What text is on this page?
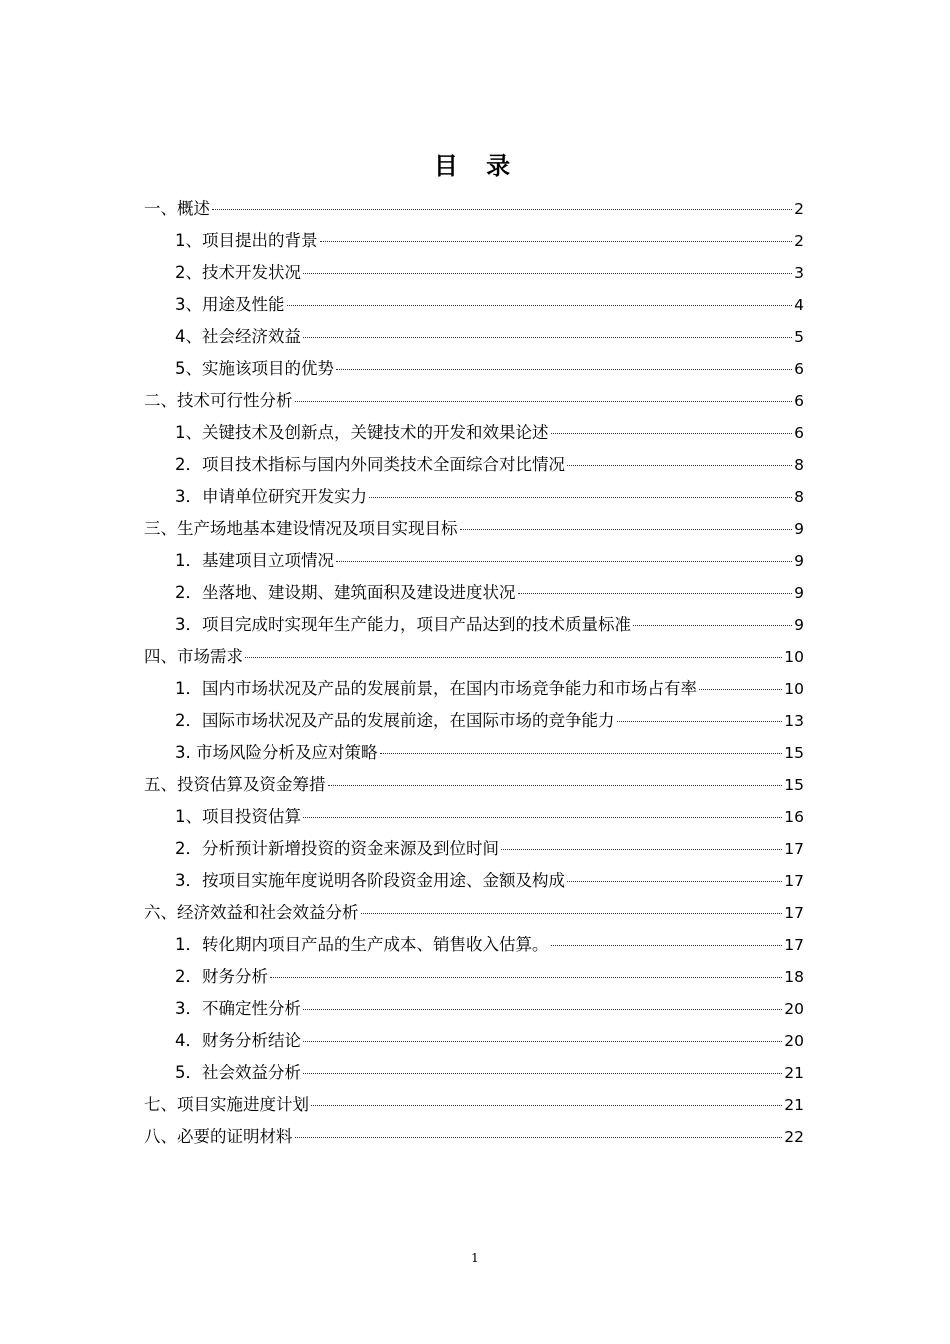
目 录
一、概述	2
1、项目提出的背景	2
2、技术开发状况	3
3、用途及性能	4
4、社会经济效益	5
5、实施该项目的优势	6
二、技术可行性分析	6
1、关键技术及创新点，关键技术的开发和效果论述	6
2．项目技术指标与国内外同类技术全面综合对比情况	8
3．申请单位研究开发实力	8
三、生产场地基本建设情况及项目实现目标	9
1．基建项目立项情况	9
2．坐落地、建设期、建筑面积及建设进度状况	9
3．项目完成时实现年生产能力，项目产品达到的技术质量标准	9
四、市场需求	10
1．国内市场状况及产品的发展前景，在国内市场竞争能力和市场占有率	10
2．国际市场状况及产品的发展前途，在国际市场的竞争能力	13
3. 市场风险分析及应对策略	15
五、投资估算及资金筹措	15
1、项目投资估算	16
2．分析预计新增投资的资金来源及到位时间	17
3．按项目实施年度说明各阶段资金用途、金额及构成	17
六、经济效益和社会效益分析	17
1．转化期内项目产品的生产成本、销售收入估算。	17
2．财务分析	18
3．不确定性分析	20
4．财务分析结论	20
5．社会效益分析	21
七、项目实施进度计划	21
八、必要的证明材料	22
1
